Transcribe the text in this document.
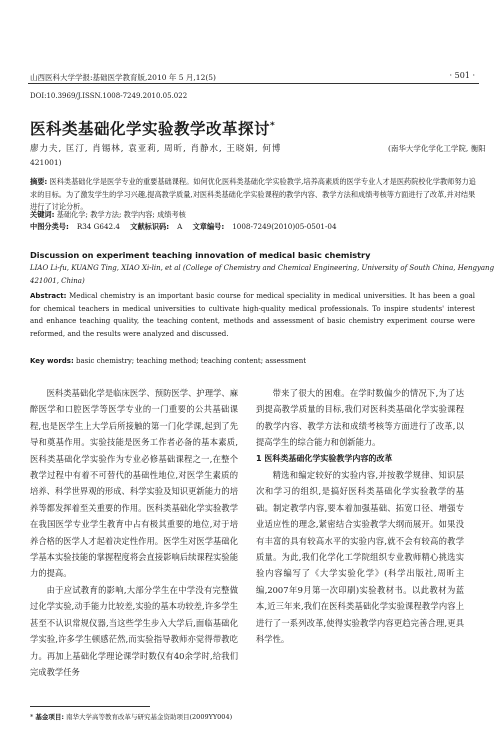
山西医科大学学报:基础医学教育版,2010 年 5 月,12(5)	· 501 ·
DOI:10.3969/J.ISSN.1008-7249.2010.05.022
医科类基础化学实验教学改革探讨*
廖力夫, 匡汀, 肖锡林, 袁亚莉, 周昕, 肖静水, 王晓娟, 何博	(南华大学化学化工学院, 衡阳
421001)
摘要: 医科类基础化学是医学专业的重要基础课程。如何优化医科类基础化学实验教学,培养高素质的医学专业人才是医药院校化学教师努力追求的目标。为了激发学生的学习兴趣,提高教学质量,对医科类基础化学实验课程的教学内容、教学方法和成绩考核等方面进行了改革,并对结果进行了讨论分析。
关键词: 基础化学; 教学方法; 教学内容; 成绩考核
中图分类号: R34 G642.4 文献标识码: A 文章编号: 1008-7249(2010)05-0501-04
Discussion on experiment teaching innovation of medical basic chemistry
LIAO Li-fu, KUANG Ting, XIAO Xi-lin, et al (College of Chemistry and Chemical Engineering, University of South China, Hengyang
421001, China)
Abstract: Medical chemistry is an important basic course for medical speciality in medical universities. It has been a goal for chemical teachers in medical universities to cultivate high-quality medical professionals. To inspire students' interest and enhance teaching quality, the teaching content, methods and assessment of basic chemistry experiment course were reformed, and the results were analyzed and discussed.
Key words: basic chemistry; teaching method; teaching content; assessment

医科类基础化学是临床医学、预防医学、护理学、麻醉医学和口腔医学等医学专业的一门重要的公共基础课程,也是医学生上大学后所接触的第一门化学课,起到了先导和奠基作用。实验技能是医务工作者必备的基本素质,医科类基础化学实验作为专业必修基础课程之一,在整个教学过程中有着不可替代的基础性地位,对医学生素质的培养、科学世界观的形成、科学实验及知识更新能力的培养等都发挥着至关重要的作用。医科类基础化学实验教学在我国医学专业学生教育中占有极其重要的地位,对于培养合格的医学人才起着决定性作用。医学生对医学基础化学基本实验技能的掌握程度将会直接影响后续课程实验能力的提高。

由于应试教育的影响,大部分学生在中学没有完整做过化学实验,动手能力比较差,实验的基本功较差,许多学生甚至不认识常规仪器,当这些学生步入大学后,面临基础化学实验,许多学生顿感茫然,而实验指导教师亦觉得带教吃力。再加上基础化学理论课学时数仅有40余学时,给我们完成教学任务

带来了很大的困难。在学时数偏少的情况下,为了达到提高教学质量的目标,我们对医科类基础化学实验课程的教学内容、教学方法和成绩考核等方面进行了改革,以提高学生的综合能力和创新能力。

1 医科类基础化学实验教学内容的改革

精选和编定较好的实验内容,并按教学规律、知识层次和学习的组织,是搞好医科类基础化学实验教学的基础。制定教学内容,要本着加强基础、拓宽口径、增强专业适应性的理念,紧密结合实验教学大纲而展开。如果没有丰富的具有较高水平的实验内容,就不会有较高的教学质量。为此,我们化学化工学院组织专业教师精心挑选实验内容编写了《大学实验化学》(科学出版社,周昕主编,2007年9月第一次印刷)实验教材书。以此教材为蓝本,近三年来,我们在医科类基础化学实验课程教学内容上进行了一系列改革,使得实验教学内容更趋完善合理,更具科学性。

* 基金项目: 南华大学高等教育改革与研究基金资助项目(2009YY004)
